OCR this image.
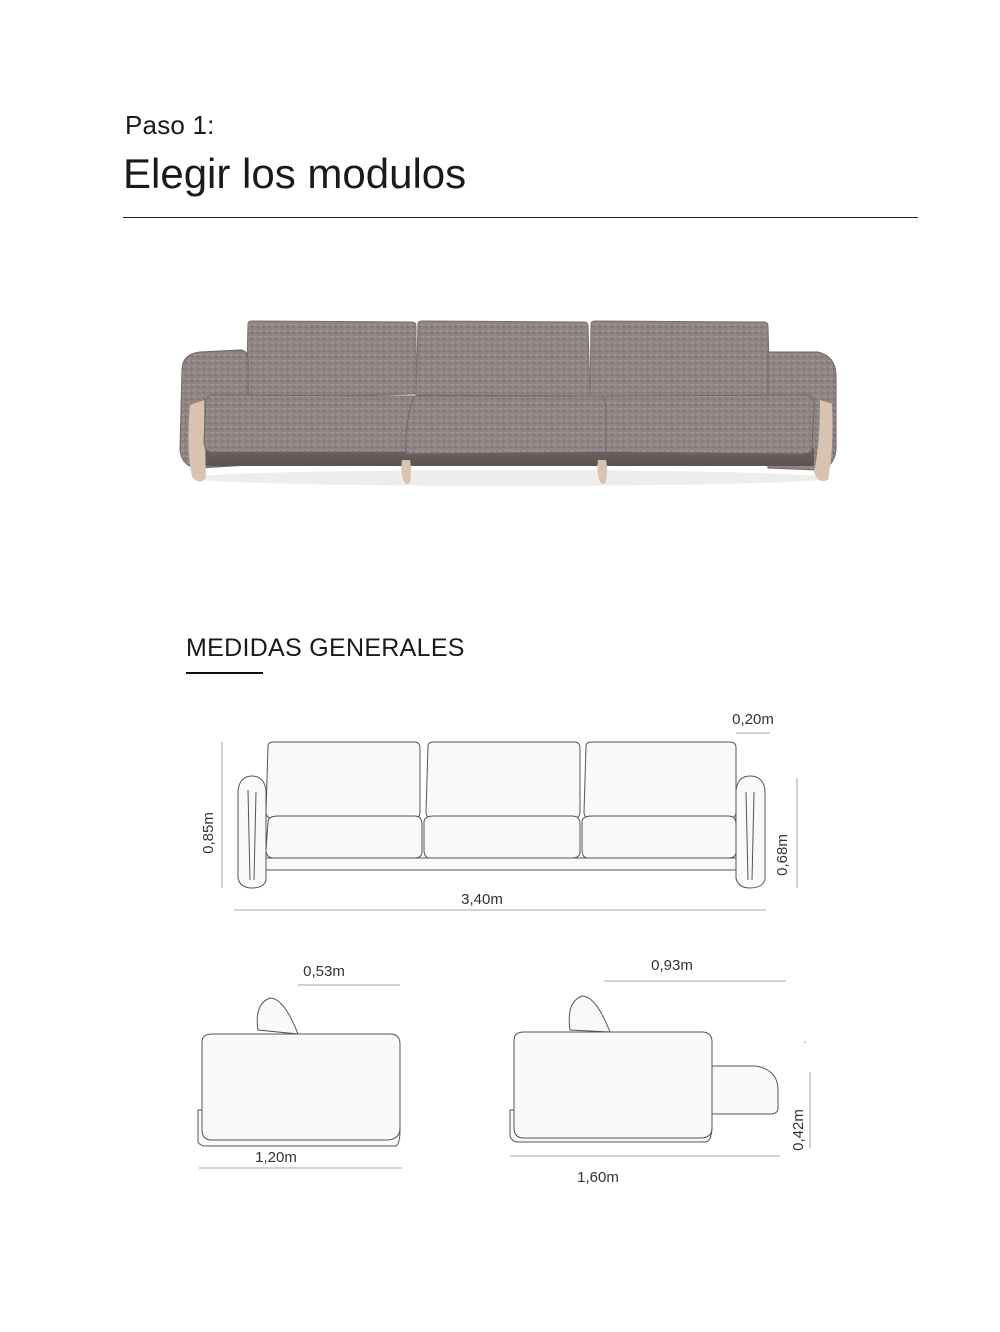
Paso 1:
Elegir los modulos
MEDIDAS GENERALES
0,20m
0,85m
0,68m
3,40m
0,53m
1,20m
0,93m
0,42m
1,60m
